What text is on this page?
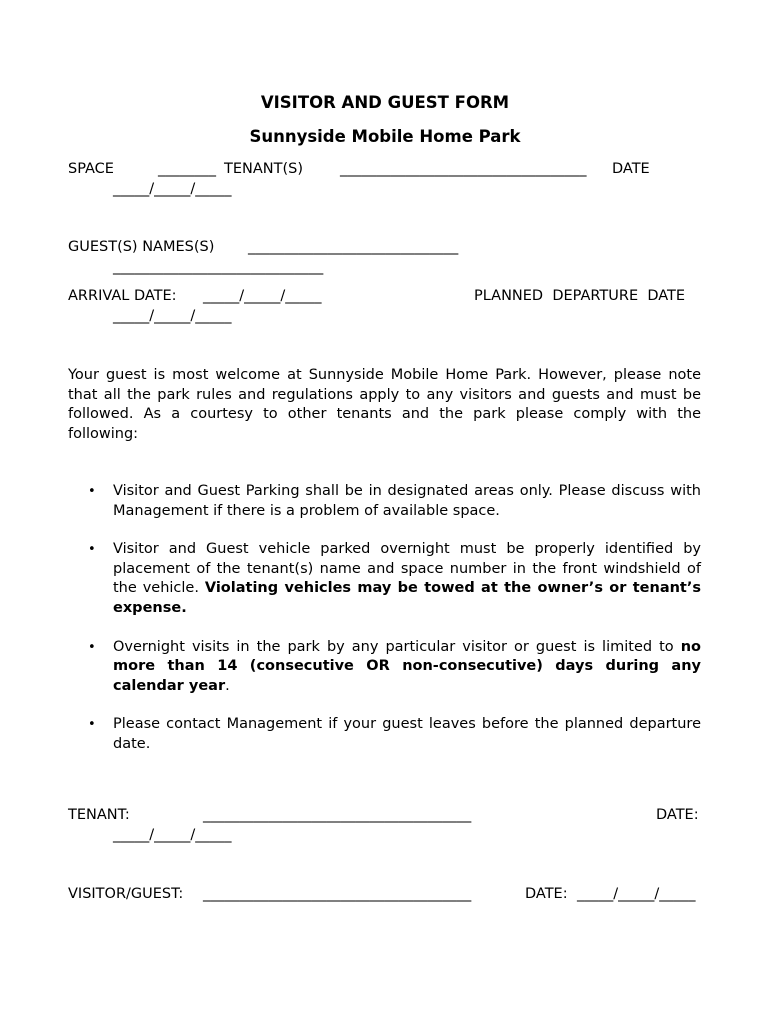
VISITOR AND GUEST FORM
Sunnyside Mobile Home Park
SPACE	________ TENANT(S)	__________________________________ DATE
_____/_____/_____
GUEST(S) NAMES(S) _____________________________
_____________________________
ARRIVAL DATE: _____/_____/_____	PLANNED  DEPARTURE  DATE
_____/_____/_____

Your guest is most welcome at Sunnyside Mobile Home Park. However, please note that all the park rules and regulations apply to any visitors and guests and must be followed. As a courtesy to other tenants and the park please comply with the following:

• Visitor and Guest Parking shall be in designated areas only. Please discuss with Management if there is a problem of available space.
• Visitor and Guest vehicle parked overnight must be properly identified by placement of the tenant(s) name and space number in the front windshield of the vehicle. Violating vehicles may be towed at the owner’s or tenant’s expense.
• Overnight visits in the park by any particular visitor or guest is limited to no more than 14 (consecutive OR non-consecutive) days during any calendar year.
• Please contact Management if your guest leaves before the planned departure date.
TENANT:	_____________________________________	DATE:
_____/_____/_____
VISITOR/GUEST: _____________________________________	DATE: _____/_____/_____
